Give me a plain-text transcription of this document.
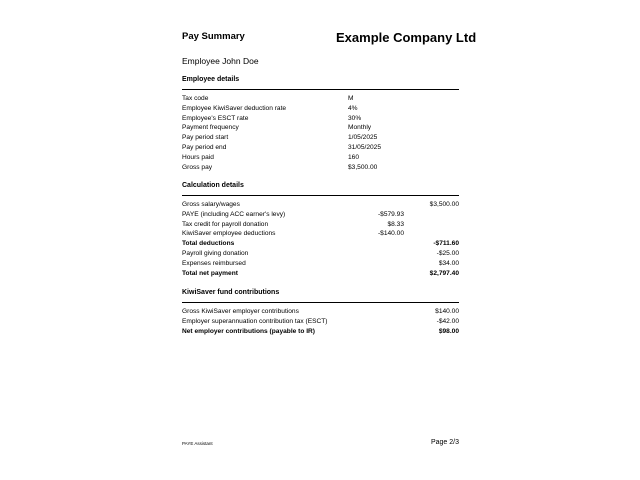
Pay Summary	Example Company Ltd
Employee John Doe
Employee details
Tax code	M
Employee KiwiSaver deduction rate	4%
Employee's ESCT rate	30%
Payment frequency	Monthly
Pay period start	1/05/2025
Pay period end	31/05/2025
Hours paid	160
Gross pay	$3,500.00
Calculation details
Gross salary/wages	$3,500.00
PAYE (including ACC earner's levy)	-$579.93
Tax credit for payroll donation	$8.33
KiwiSaver employee deductions	-$140.00
Total deductions	-$711.60
Payroll giving donation	-$25.00
Expenses reimbursed	$34.00
Total net payment	$2,797.40
KiwiSaver fund contributions
Gross KiwiSaver employer contributions	$140.00
Employer superannuation contribution tax (ESCT)	-$42.00
Net employer contributions (payable to IR)	$98.00
PAYE Assistant	Page 2/3
